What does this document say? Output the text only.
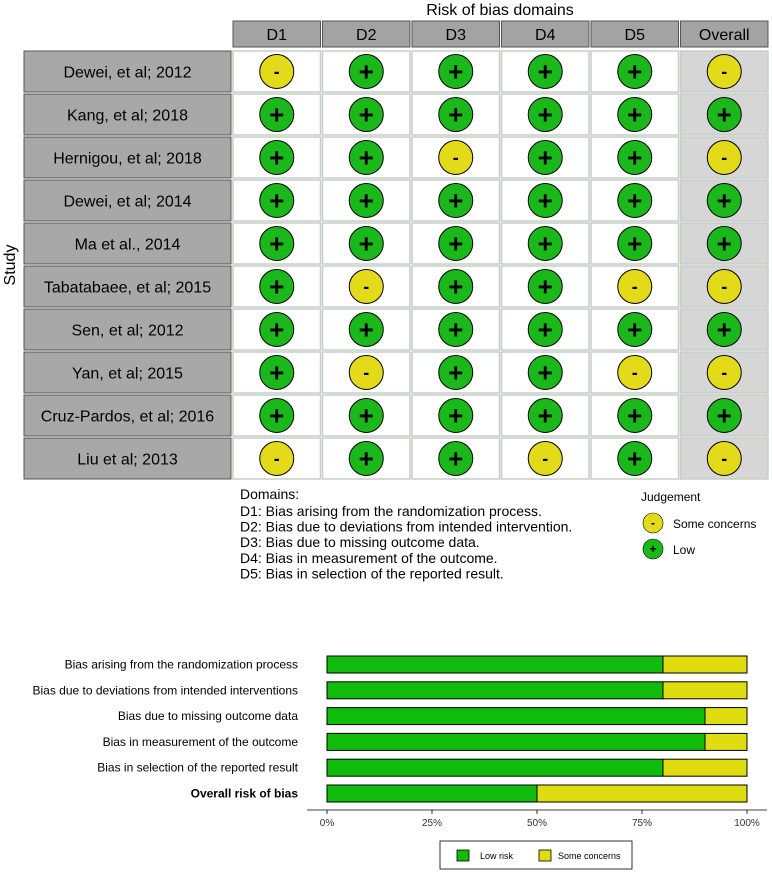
Risk of bias domains
Study
D1	D2	D3	D4	D5	Overall
Dewei, et al; 2012	-	+	+	+	+	-
Kang, et al; 2018	+	+	+	+	+	+
Hernigou, et al; 2018	+	+	-	+	+	-
Dewei, et al; 2014	+	+	+	+	+	+
Ma et al., 2014	+	+	+	+	+	+
Tabatabaee, et al; 2015 +	-	+	+	-	-
Sen, et al; 2012	+	+	+	+	+	+
Yan, et al; 2015	+	-	+	+	-	-
Cruz-Pardos, et al; 2016 +	+	+	+	+	+
Liu et al; 2013	-	+	+	-	+	-
Domains:
D1: Bias arising from the randomization process.
D2: Bias due to deviations from intended intervention.
D3: Bias due to missing outcome data.
D4: Bias in measurement of the outcome.
D5: Bias in selection of the reported result.
Judgement
- Some concerns
+ Low
Bias arising from the randomization process
Bias due to deviations from intended interventions
Bias due to missing outcome data
Bias in measurement of the outcome
Bias in selection of the reported result
Overall risk of bias
0%	25%	50%	75%	100%
Low risk	Some concerns
